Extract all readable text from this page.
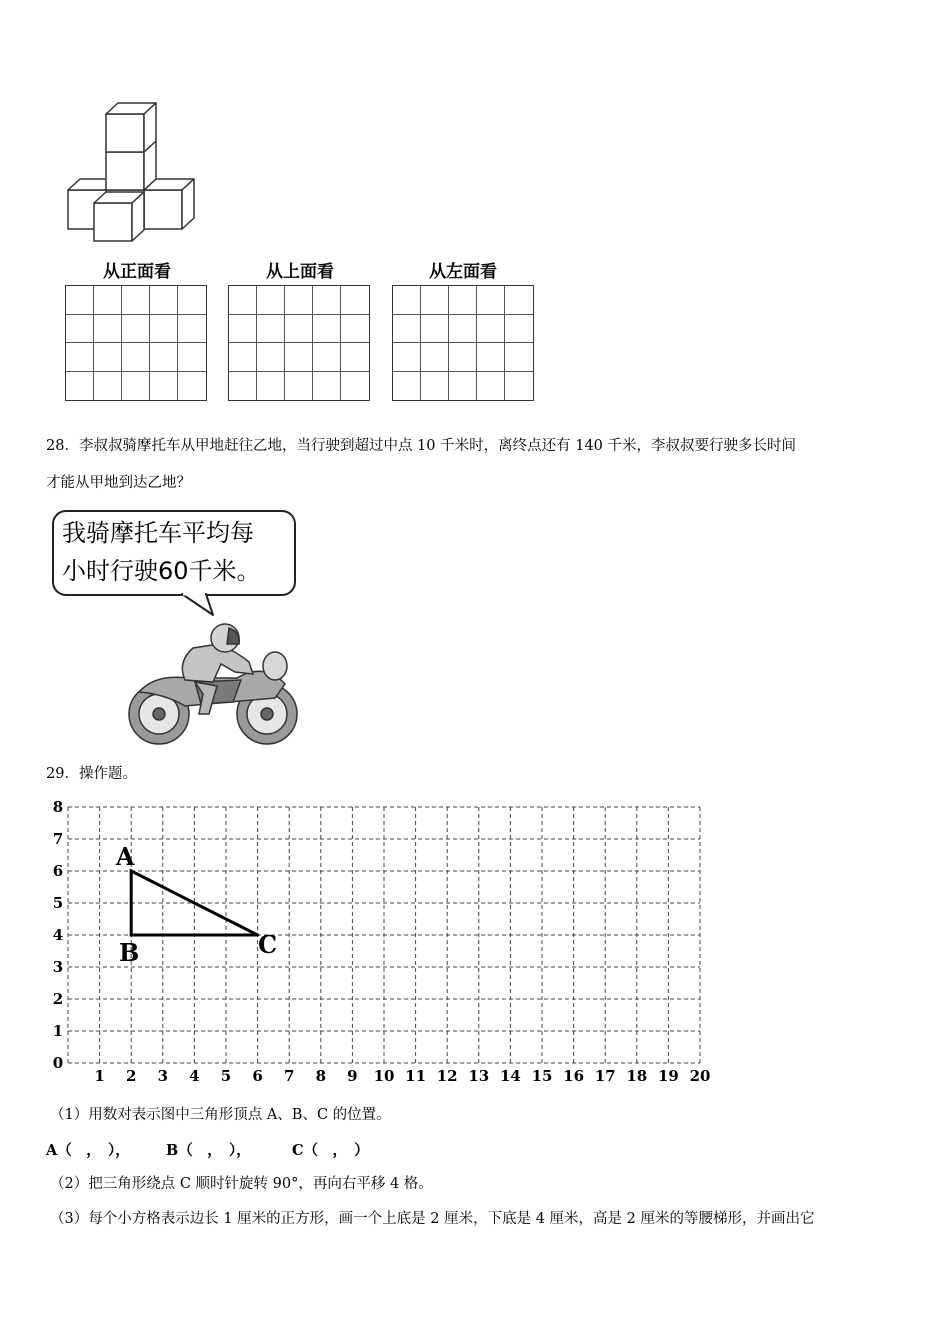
从正面看	从上面看	从左面看
28．李叔叔骑摩托车从甲地赶往乙地，当行驶到超过中点 10 千米时，离终点还有 140 千米，李叔叔要行驶多长时间
才能从甲地到达乙地？
我骑摩托车平均每
小时行驶60千米。
29．操作题。
1 2 3 4 5 6 7 8 9 10 11 12 13 14 15 16 17 18 19 20
0
1
2
3
4
5
6
7
8
A
B	C
（1）用数对表示图中三角形顶点 A、B、C 的位置。
A（　，　），	B（　，　），	C（　，　）
（2）把三角形绕点 C 顺时针旋转 90°，再向右平移 4 格。
（3）每个小方格表示边长 1 厘米的正方形，画一个上底是 2 厘米，下底是 4 厘米，高是 2 厘米的等腰梯形，并画出它
